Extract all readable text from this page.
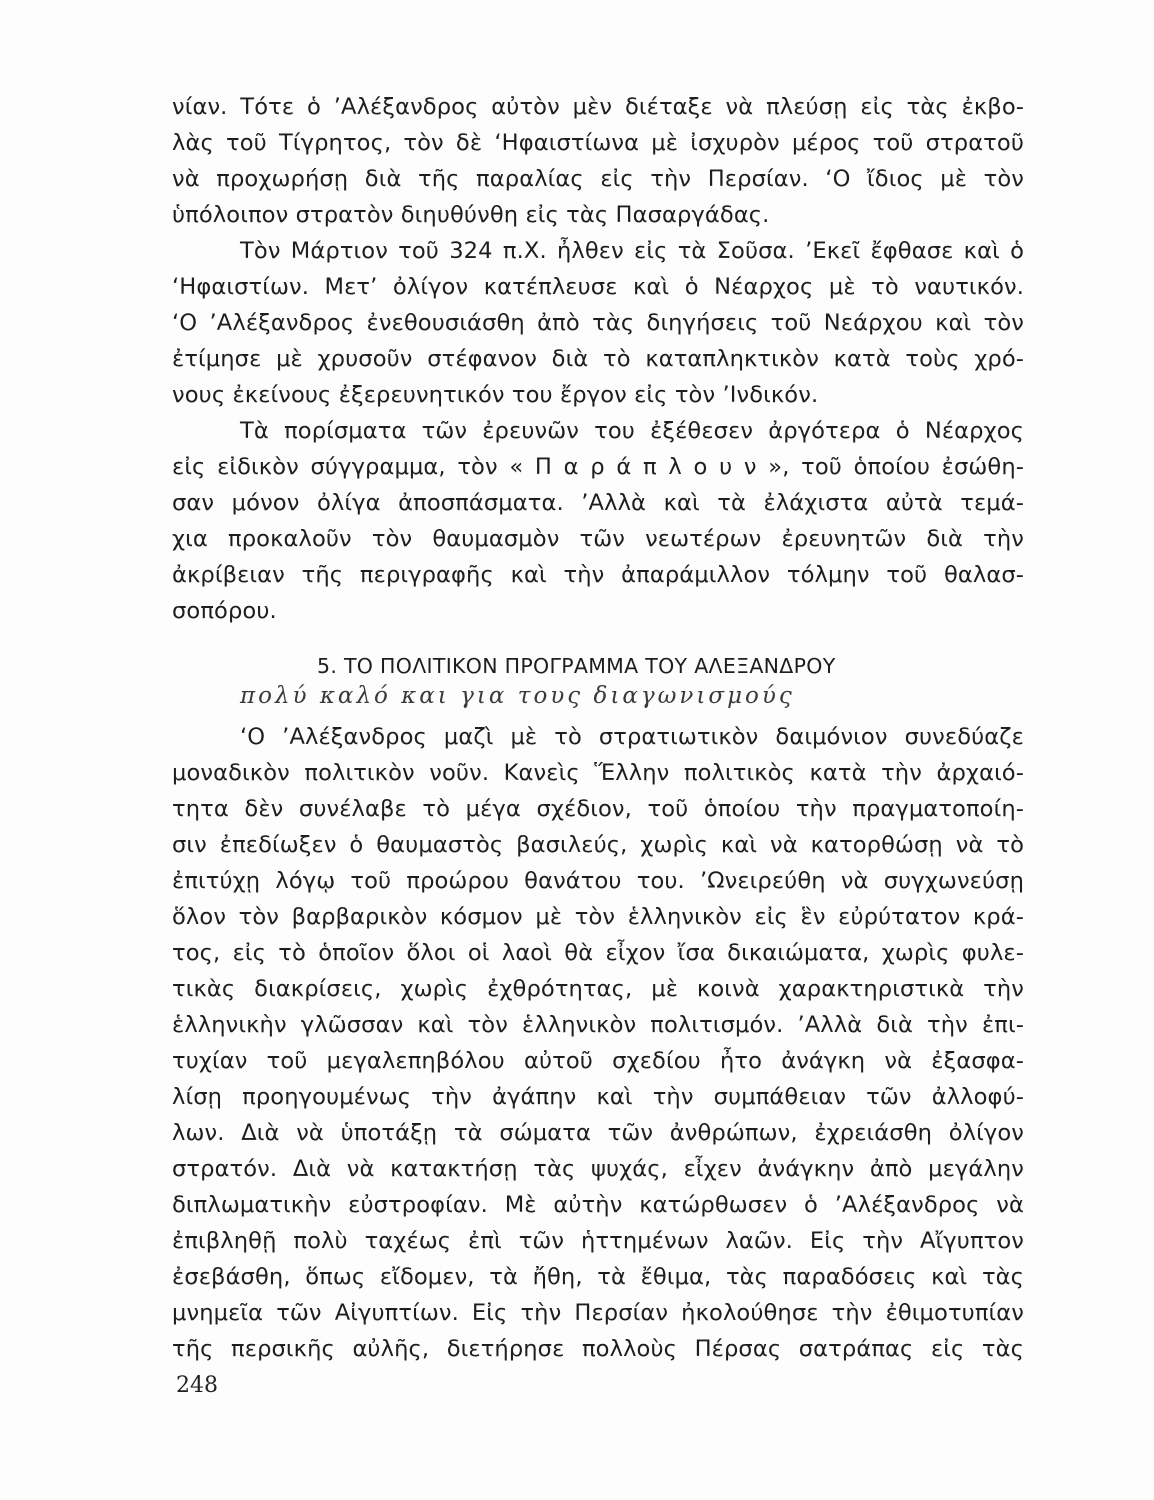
νίαν. Τότε ὁ ’Αλέξανδρος αὐτὸν μὲν διέταξε νὰ πλεύσῃ εἰς τὰς ἐκβο-
λὰς τοῦ Τίγρητος, τὸν δὲ ‘Ηφαιστίωνα μὲ ἰσχυρὸν μέρος τοῦ στρατοῦ
νὰ προχωρήσῃ διὰ τῆς παραλίας εἰς τὴν Περσίαν. ‘Ο ἴδιος μὲ τὸν
ὑπόλοιπον στρατὸν διηυθύνθη εἰς τὰς Πασαργάδας.
Τὸν Μάρτιον τοῦ 324 π.Χ. ἦλθεν εἰς τὰ Σοῦσα. ’Εκεῖ ἔφθασε καὶ ὁ
‘Ηφαιστίων. Μετ’ ὀλίγον κατέπλευσε καὶ ὁ Νέαρχος μὲ τὸ ναυτικόν.
‘Ο ’Αλέξανδρος ἐνεθουσιάσθη ἀπὸ τὰς διηγήσεις τοῦ Νεάρχου καὶ τὸν
ἐτίμησε μὲ χρυσοῦν στέφανον διὰ τὸ καταπληκτικὸν κατὰ τοὺς χρό-
νους ἐκείνους ἐξερευνητικόν του ἔργον εἰς τὸν ’Ινδικόν.
Τὰ πορίσματα τῶν ἐρευνῶν του ἐξέθεσεν ἀργότερα ὁ Νέαρχος
εἰς εἰδικὸν σύγγραμμα, τὸν « Π α ρ ά π λ ο υ ν », τοῦ ὁποίου ἐσώθη-
σαν μόνον ὀλίγα ἀποσπάσματα. ’Αλλὰ καὶ τὰ ἐλάχιστα αὐτὰ τεμά-
χια προκαλοῦν τὸν θαυμασμὸν τῶν νεωτέρων ἐρευνητῶν διὰ τὴν
ἀκρίβειαν τῆς περιγραφῆς καὶ τὴν ἀπαράμιλλον τόλμην τοῦ θαλασ-
σοπόρου.
5. ΤΟ ΠΟΛΙΤΙΚΟΝ ΠΡΟΓΡΑΜΜΑ ΤΟΥ ΑΛΕΞΑΝΔΡΟΥ
πολύ καλό και για τους διαγωνισμούς
‘Ο ’Αλέξανδρος μαζὶ μὲ τὸ στρατιωτικὸν δαιμόνιον συνεδύαζε
μοναδικὸν πολιτικὸν νοῦν. Κανεὶς Ἕλλην πολιτικὸς κατὰ τὴν ἀρχαιό-
τητα δὲν συνέλαβε τὸ μέγα σχέδιον, τοῦ ὁποίου τὴν πραγματοποίη-
σιν ἐπεδίωξεν ὁ θαυμαστὸς βασιλεύς, χωρὶς καὶ νὰ κατορθώσῃ νὰ τὸ
ἐπιτύχῃ λόγῳ τοῦ προώρου θανάτου του. ’Ωνειρεύθη νὰ συγχωνεύσῃ
ὅλον τὸν βαρβαρικὸν κόσμον μὲ τὸν ἑλληνικὸν εἰς ἓν εὐρύτατον κρά-
τος, εἰς τὸ ὁποῖον ὅλοι οἱ λαοὶ θὰ εἶχον ἴσα δικαιώματα, χωρὶς φυλε-
τικὰς διακρίσεις, χωρὶς ἐχθρότητας, μὲ κοινὰ χαρακτηριστικὰ τὴν
ἑλληνικὴν γλῶσσαν καὶ τὸν ἑλληνικὸν πολιτισμόν. ’Αλλὰ διὰ τὴν ἐπι-
τυχίαν τοῦ μεγαλεπηβόλου αὐτοῦ σχεδίου ἦτο ἀνάγκη νὰ ἐξασφα-
λίσῃ προηγουμένως τὴν ἀγάπην καὶ τὴν συμπάθειαν τῶν ἀλλοφύ-
λων. Διὰ νὰ ὑποτάξῃ τὰ σώματα τῶν ἀνθρώπων, ἐχρειάσθη ὀλίγον
στρατόν. Διὰ νὰ κατακτήσῃ τὰς ψυχάς, εἶχεν ἀνάγκην ἀπὸ μεγάλην
διπλωματικὴν εὐστροφίαν. Μὲ αὐτὴν κατώρθωσεν ὁ ’Αλέξανδρος νὰ
ἐπιβληθῇ πολὺ ταχέως ἐπὶ τῶν ἡττημένων λαῶν. Εἰς τὴν Αἴγυπτον
ἐσεβάσθη, ὅπως εἴδομεν, τὰ ἤθη, τὰ ἔθιμα, τὰς παραδόσεις καὶ τὰς
μνημεῖα τῶν Αἰγυπτίων. Εἰς τὴν Περσίαν ἠκολούθησε τὴν ἐθιμοτυπίαν
τῆς περσικῆς αὐλῆς, διετήρησε πολλοὺς Πέρσας σατράπας εἰς τὰς
248
